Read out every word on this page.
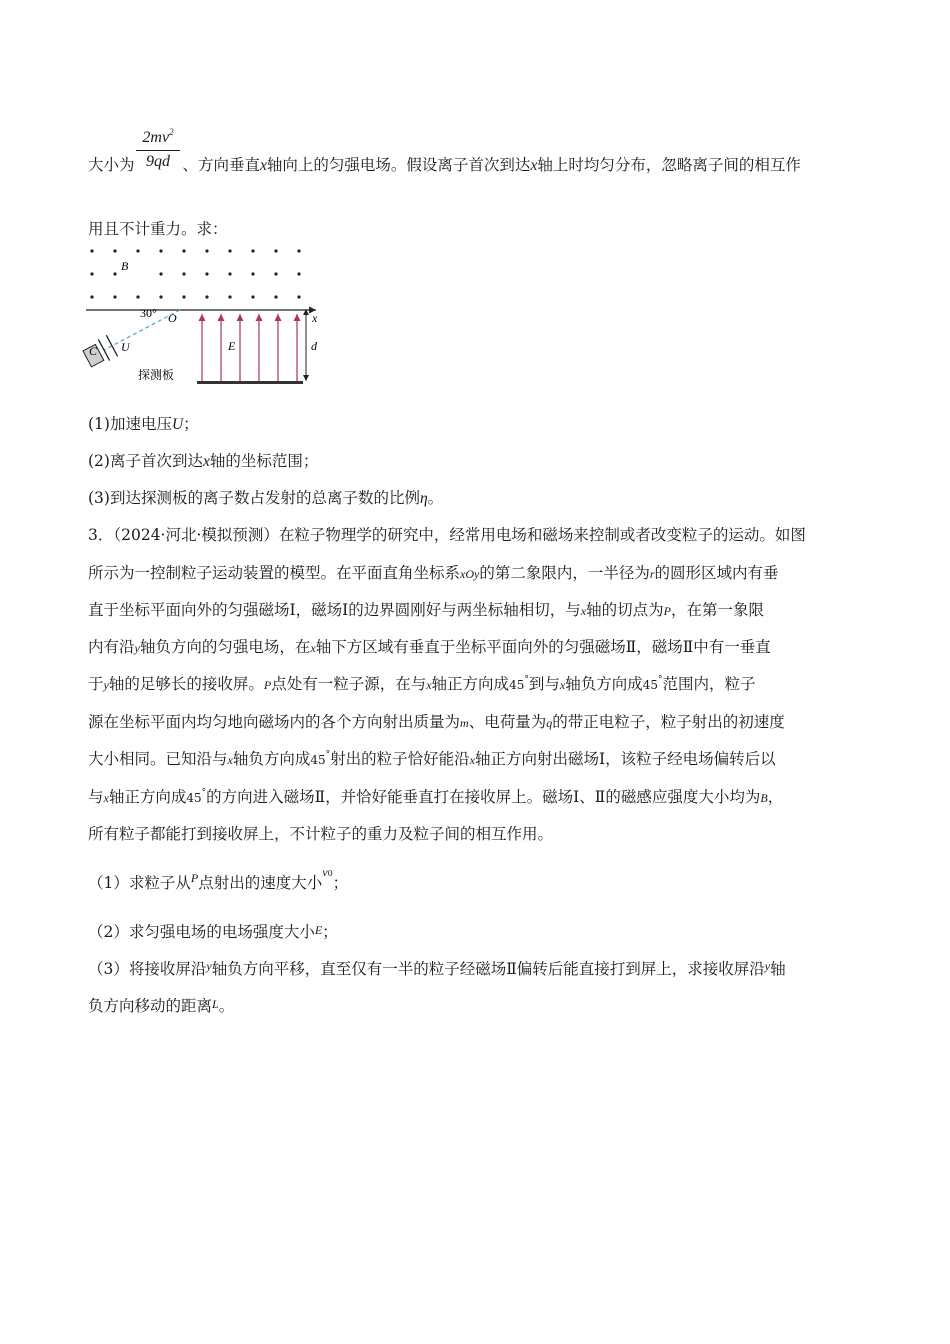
$2mv^2$
9qd
大小为	、方向垂直x轴向上的匀强电场。假设离子首次到达x轴上时均匀分布，忽略离子间的相互作
用且不计重力。求：
B
x
O
30°
E
探测板
d
C U
(1)加速电压U；
(2)离子首次到达x轴的坐标范围；
(3)到达探测板的离子数占发射的总离子数的比例η。
3．（2024·河北·模拟预测）在粒子物理学的研究中，经常用电场和磁场来控制或者改变粒子的运动。如图
所示为一控制粒子运动装置的模型。在平面直角坐标系xOy的第二象限内，一半径为r的圆形区域内有垂
直于坐标平面向外的匀强磁场Ⅰ，磁场Ⅰ的边界圆刚好与两坐标轴相切，与x轴的切点为P，在第一象限
内有沿y轴负方向的匀强电场，在x轴下方区域有垂直于坐标平面向外的匀强磁场Ⅱ，磁场Ⅱ中有一垂直
于y轴的足够长的接收屏。P点处有一粒子源，在与x轴正方向成45°到与x轴负方向成45°范围内，粒子
源在坐标平面内均匀地向磁场内的各个方向射出质量为m、电荷量为q的带正电粒子，粒子射出的初速度
大小相同。已知沿与x轴负方向成45°射出的粒子恰好能沿x轴正方向射出磁场Ⅰ，该粒子经电场偏转后以
与x轴正方向成45°的方向进入磁场Ⅱ，并恰好能垂直打在接收屏上。磁场Ⅰ、Ⅱ的磁感应强度大小均为B，
所有粒子都能打到接收屏上，不计粒子的重力及粒子间的相互作用。
（1）求粒子从$^P$点射出的速度大小v0；
（2）求匀强电场的电场强度大小E；
（3）将接收屏沿$^y$轴负方向平移，直至仅有一半的粒子经磁场Ⅱ偏转后能直接打到屏上，求接收屏沿$^y$轴
负方向移动的距离L。
